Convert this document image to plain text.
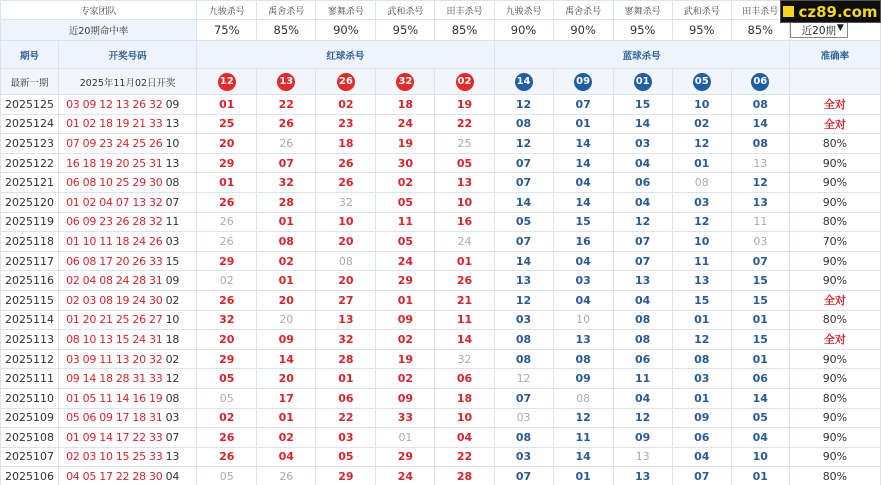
专家团队		九骏杀号	禹舍杀号	寥舞杀号	武和杀号	田丰杀号	九骏杀号	禹舍杀号	寥舞杀号	武和杀号	田丰杀号	
近20期命中率		75%	85%	90%	95%	85%	90%	90%	95%	95%	85%	近20期 ▼

期号	开奖号码	红球杀号					蓝球杀号					准确率
最新一期	2025年11月02日开奖	12	13	26	32	02	14	09	01	05	06	
2025125	03 09 12 13 26 32 09	01	22	02	18	19	12	07	15	10	08	全对
2025124	01 02 18 19 21 33 13	25	26	23	24	22	08	01	14	02	14	全对
2025123	07 09 23 24 25 26 10	20	26	18	19	25	12	14	03	12	08	80%
2025122	16 18 19 20 25 31 13	29	07	26	30	05	07	14	04	01	13	90%
2025121	06 08 10 25 29 30 08	01	32	26	02	13	07	04	06	08	12	90%
2025120	01 02 04 07 13 32 07	26	28	32	05	10	14	14	04	03	13	90%
2025119	06 09 23 26 28 32 11	26	01	10	11	16	05	15	12	12	11	80%
2025118	01 10 11 18 24 26 03	26	08	20	05	24	07	16	07	10	03	70%
2025117	06 08 17 20 26 33 15	29	02	08	24	01	14	04	07	11	07	90%
2025116	02 04 08 24 28 31 09	02	01	20	29	26	13	03	13	13	15	90%
2025115	02 03 08 19 24 30 02	26	20	27	01	21	12	04	04	15	15	全对
2025114	01 20 21 25 26 27 10	32	20	13	09	11	03	10	08	01	01	80%
2025113	08 10 13 15 24 31 18	20	09	32	02	14	08	13	08	12	15	全对
2025112	03 09 11 13 20 32 02	29	14	28	19	32	08	08	06	08	01	90%
2025111	09 14 18 28 31 33 12	05	20	01	02	06	12	09	11	03	06	90%
2025110	01 05 11 14 16 19 08	05	17	06	09	18	07	08	04	01	14	80%
2025109	05 06 09 17 18 31 03	02	01	22	33	10	03	12	12	09	05	90%
2025108	01 09 14 17 22 33 07	26	02	03	01	04	08	11	09	06	04	90%
2025107	02 03 10 15 25 33 13	26	04	05	29	22	03	14	13	04	10	90%
2025106	04 05 17 22 28 30 04	05	26	29	24	28	07	01	13	07	01	80%
cz89.com
